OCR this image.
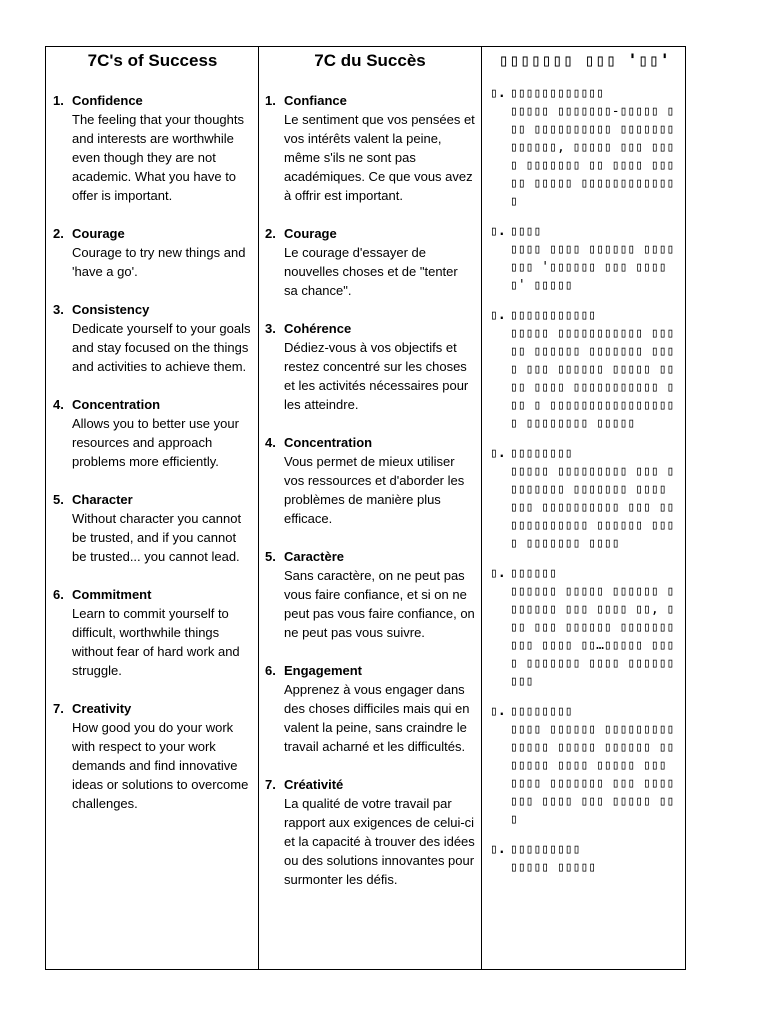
7C's of Success
1. Confidence
The feeling that your thoughts and interests are worthwhile even though they are not academic. What you have to offer is important.
2. Courage
Courage to try new things and 'have a go'.
3. Consistency
Dedicate yourself to your goals and stay focused on the things and activities to achieve them.
4. Concentration
Allows you to better use your resources and approach problems more efficiently.
5. Character
Without character you cannot be trusted, and if you cannot be trusted... you cannot lead.
6. Commitment
Learn to commit yourself to difficult, worthwhile things without fear of hard work and struggle.
7. Creativity
How good you do your work with respect to your work demands and find innovative ideas or solutions to overcome challenges.
7C du Succès
1. Confiance
Le sentiment que vos pensées et vos intérêts valent la peine, même s'ils ne sont pas académiques. Ce que vous avez à offrir est important.
2. Courage
Le courage d'essayer de nouvelles choses et de "tenter sa chance".
3. Cohérence
Dédiez-vous à vos objectifs et restez concentré sur les choses et les activités nécessaires pour les atteindre.
4. Concentration
Vous permet de mieux utiliser vos ressources et d'aborder les problèmes de manière plus efficace.
5. Caractère
Sans caractère, on ne peut pas vous faire confiance, et si on ne peut pas vous faire confiance, on ne peut pas vous suivre.
6. Engagement
Apprenez à vous engager dans des choses difficiles mais qui en valent la peine, sans craindre le travail acharné et les difficultés.
7. Créativité
La qualité de votre travail par rapport aux exigences de celui-ci et la capacité à trouver des idées ou des solutions innovantes pour surmonter les défis.
▯▯▯▯▯▯▯ ▯▯▯ '▯▯'
▯. ▯▯▯▯▯▯▯▯▯▯▯▯
▯▯▯▯▯ ▯▯▯▯▯▯▯-▯▯▯▯▯ ▯▯▯ ▯▯▯▯▯▯▯▯▯▯ ▯▯▯▯▯▯▯▯▯▯▯▯▯, ▯▯▯▯▯ ▯▯▯ ▯▯▯▯ ▯▯▯▯▯▯▯ ▯▯ ▯▯▯▯ ▯▯▯▯▯ ▯▯▯▯▯ ▯▯▯▯▯▯▯▯▯▯▯▯▯
▯. ▯▯▯▯
▯▯▯▯ ▯▯▯▯ ▯▯▯▯▯▯ ▯▯▯▯ ▯▯▯ '▯▯▯▯▯▯ ▯▯▯ ▯▯▯▯▯' ▯▯▯▯▯
▯. ▯▯▯▯▯▯▯▯▯▯▯
▯▯▯▯▯ ▯▯▯▯▯▯▯▯▯▯▯ ▯▯▯▯▯ ▯▯▯▯▯▯ ▯▯▯▯▯▯▯ ▯▯▯▯ ▯▯▯ ▯▯▯▯▯▯ ▯▯▯▯▯ ▯▯▯▯ ▯▯▯▯ ▯▯▯▯▯▯▯▯▯▯▯ ▯▯▯ ▯ ▯▯▯▯▯▯▯▯▯▯▯▯▯▯▯▯▯ ▯▯▯▯▯▯▯▯ ▯▯▯▯▯
▯. ▯▯▯▯▯▯▯▯
▯▯▯▯▯ ▯▯▯▯▯▯▯▯▯ ▯▯▯ ▯▯▯▯▯▯▯▯ ▯▯▯▯▯▯▯ ▯▯▯▯ ▯▯▯ ▯▯▯▯▯▯▯▯▯▯ ▯▯▯ ▯▯▯▯▯▯▯▯▯▯▯▯ ▯▯▯▯▯▯ ▯▯▯▯ ▯▯▯▯▯▯▯ ▯▯▯▯
▯. ▯▯▯▯▯▯
▯▯▯▯▯▯ ▯▯▯▯▯ ▯▯▯▯▯▯ ▯▯▯▯▯▯▯ ▯▯▯ ▯▯▯▯ ▯▯, ▯▯▯ ▯▯▯ ▯▯▯▯▯▯ ▯▯▯▯▯▯▯ ▯▯▯ ▯▯▯▯ ▯▯…▯▯▯▯▯ ▯▯▯▯ ▯▯▯▯▯▯▯ ▯▯▯▯ ▯▯▯▯▯▯ ▯▯▯
▯. ▯▯▯▯▯▯▯▯
▯▯▯▯ ▯▯▯▯▯▯ ▯▯▯▯▯▯▯▯▯ ▯▯▯▯▯ ▯▯▯▯▯ ▯▯▯▯▯▯ ▯▯▯▯▯▯▯ ▯▯▯▯ ▯▯▯▯▯ ▯▯▯ ▯▯▯▯ ▯▯▯▯▯▯▯ ▯▯▯ ▯▯▯▯▯▯▯ ▯▯▯▯ ▯▯▯ ▯▯▯▯▯ ▯▯▯
▯. ▯▯▯▯▯▯▯▯▯
▯▯▯▯▯ ▯▯▯▯▯
